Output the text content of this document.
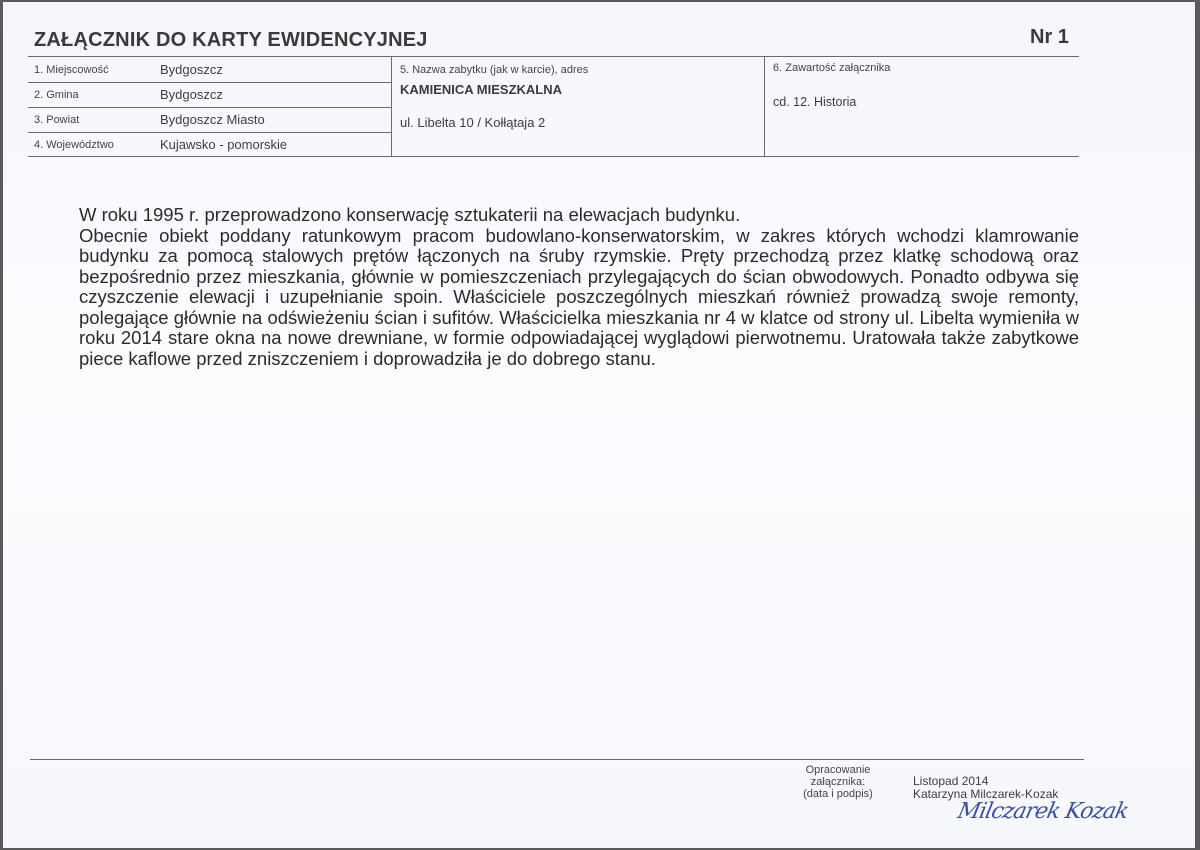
ZAŁĄCZNIK DO KARTY EWIDENCYJNEJ	Nr 1
1. Miejscowość	Bydgoszcz
2. Gmina	Bydgoszcz
3. Powiat	Bydgoszcz Miasto
4. Województwo	Kujawsko - pomorskie
5. Nazwa zabytku (jak w karcie), adres
KAMIENICA MIESZKALNA
ul. Libelta 10 / Kołłątaja 2
6. Zawartość załącznika
cd. 12. Historia

W roku 1995 r. przeprowadzono konserwację sztukaterii na elewacjach budynku.

Obecnie obiekt poddany ratunkowym pracom budowlano-konserwatorskim, w zakres których wchodzi klamrowanie budynku za pomocą stalowych prętów łączonych na śruby rzymskie. Pręty przechodzą przez klatkę schodową oraz bezpośrednio przez mieszkania, głównie w pomieszczeniach przylegających do ścian obwodowych. Ponadto odbywa się czyszczenie elewacji i uzupełnianie spoin. Właściciele poszczególnych mieszkań również prowadzą swoje remonty, polegające głównie na odświeżeniu ścian i sufitów. Właścicielka mieszkania nr 4 w klatce od strony ul. Libelta wymieniła w roku 2014 stare okna na nowe drewniane, w formie odpowiadającej wyglądowi pierwotnemu. Uratowała także zabytkowe piece kaflowe przed zniszczeniem i doprowadziła je do dobrego stanu.

Opracowanie
załącznika:
(data i podpis)
Listopad 2014
Katarzyna Milczarek-Kozak
Milczarek Kozak
